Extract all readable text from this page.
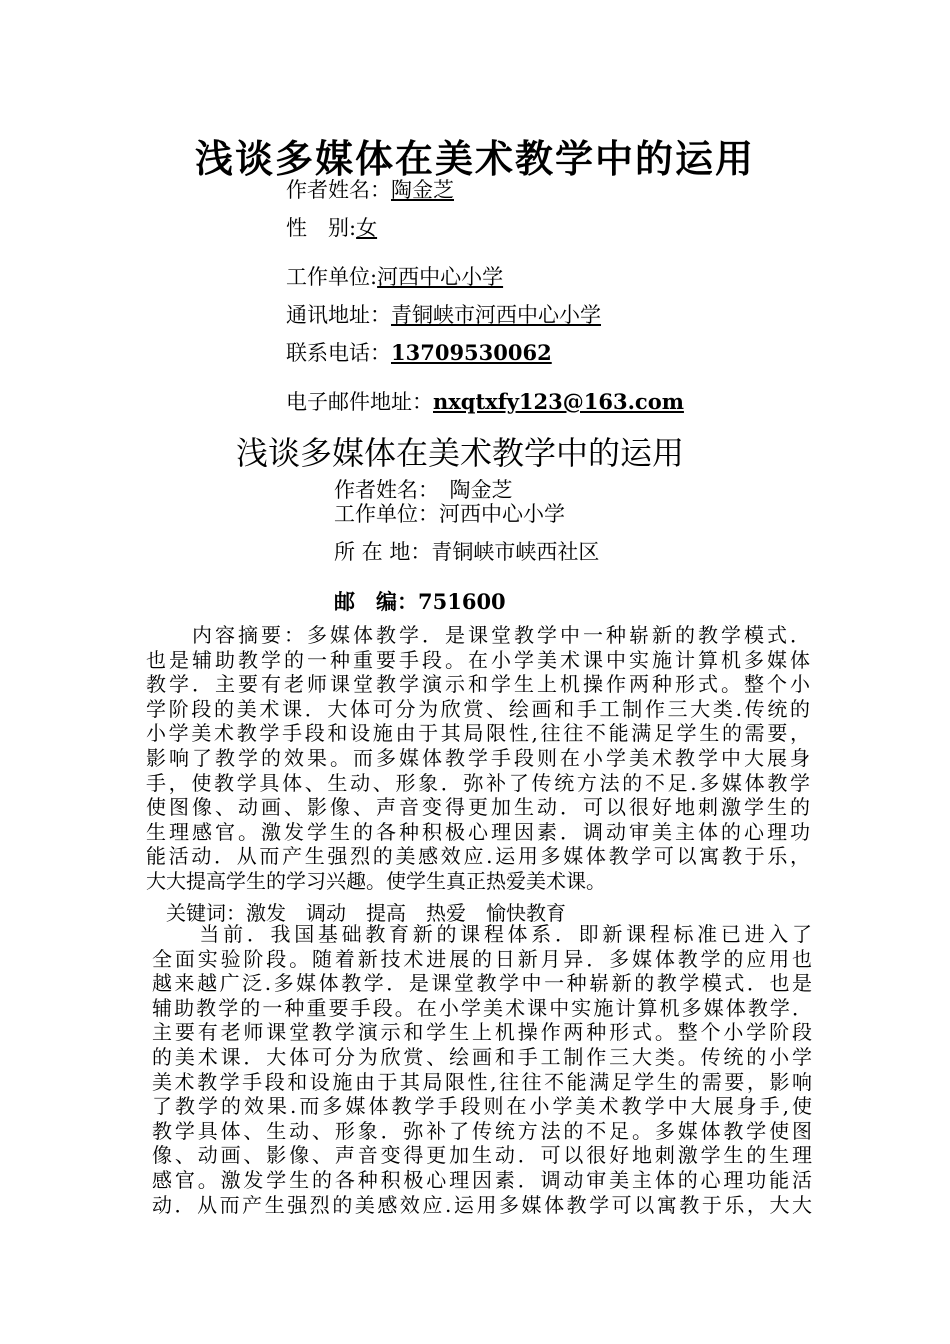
浅谈多媒体在美术教学中的运用
作者姓名：陶金芝
性　别:女
工作单位:河西中心小学
通讯地址：青铜峡市河西中心小学
联系电话：13709530062
电子邮件地址：nxqtxfy123@163.com
浅谈多媒体在美术教学中的运用
作者姓名：　陶金芝
工作单位：河西中心小学
所 在 地：青铜峡市峡西社区
邮　编：751600
　　内容摘要：多媒体教学．是课堂教学中一种崭新的教学模式．
也是辅助教学的一种重要手段。在小学美术课中实施计算机多媒体
教学．主要有老师课堂教学演示和学生上机操作两种形式。整个小
学阶段的美术课．大体可分为欣赏、绘画和手工制作三大类.传统的
小学美术教学手段和设施由于其局限性,往往不能满足学生的需要，
影响了教学的效果。而多媒体教学手段则在小学美术教学中大展身
手，使教学具体、生动、形象．弥补了传统方法的不足.多媒体教学
使图像、动画、影像、声音变得更加生动．可以很好地刺激学生的
生理感官。激发学生的各种积极心理因素．调动审美主体的心理功
能活动．从而产生强烈的美感效应.运用多媒体教学可以寓教于乐，
大大提高学生的学习兴趣。使学生真正热爱美术课。
关键词：激发　调动　提高　热爱　愉快教育
　　当前．我国基础教育新的课程体系．即新课程标准已进入了
全面实验阶段。随着新技术进展的日新月异．多媒体教学的应用也
越来越广泛.多媒体教学．是课堂教学中一种崭新的教学模式．也是
辅助教学的一种重要手段。在小学美术课中实施计算机多媒体教学．
主要有老师课堂教学演示和学生上机操作两种形式。整个小学阶段
的美术课．大体可分为欣赏、绘画和手工制作三大类。传统的小学
美术教学手段和设施由于其局限性,往往不能满足学生的需要，影响
了教学的效果.而多媒体教学手段则在小学美术教学中大展身手,使
教学具体、生动、形象．弥补了传统方法的不足。多媒体教学使图
像、动画、影像、声音变得更加生动．可以很好地刺激学生的生理
感官。激发学生的各种积极心理因素．调动审美主体的心理功能活
动．从而产生强烈的美感效应.运用多媒体教学可以寓教于乐，大大
